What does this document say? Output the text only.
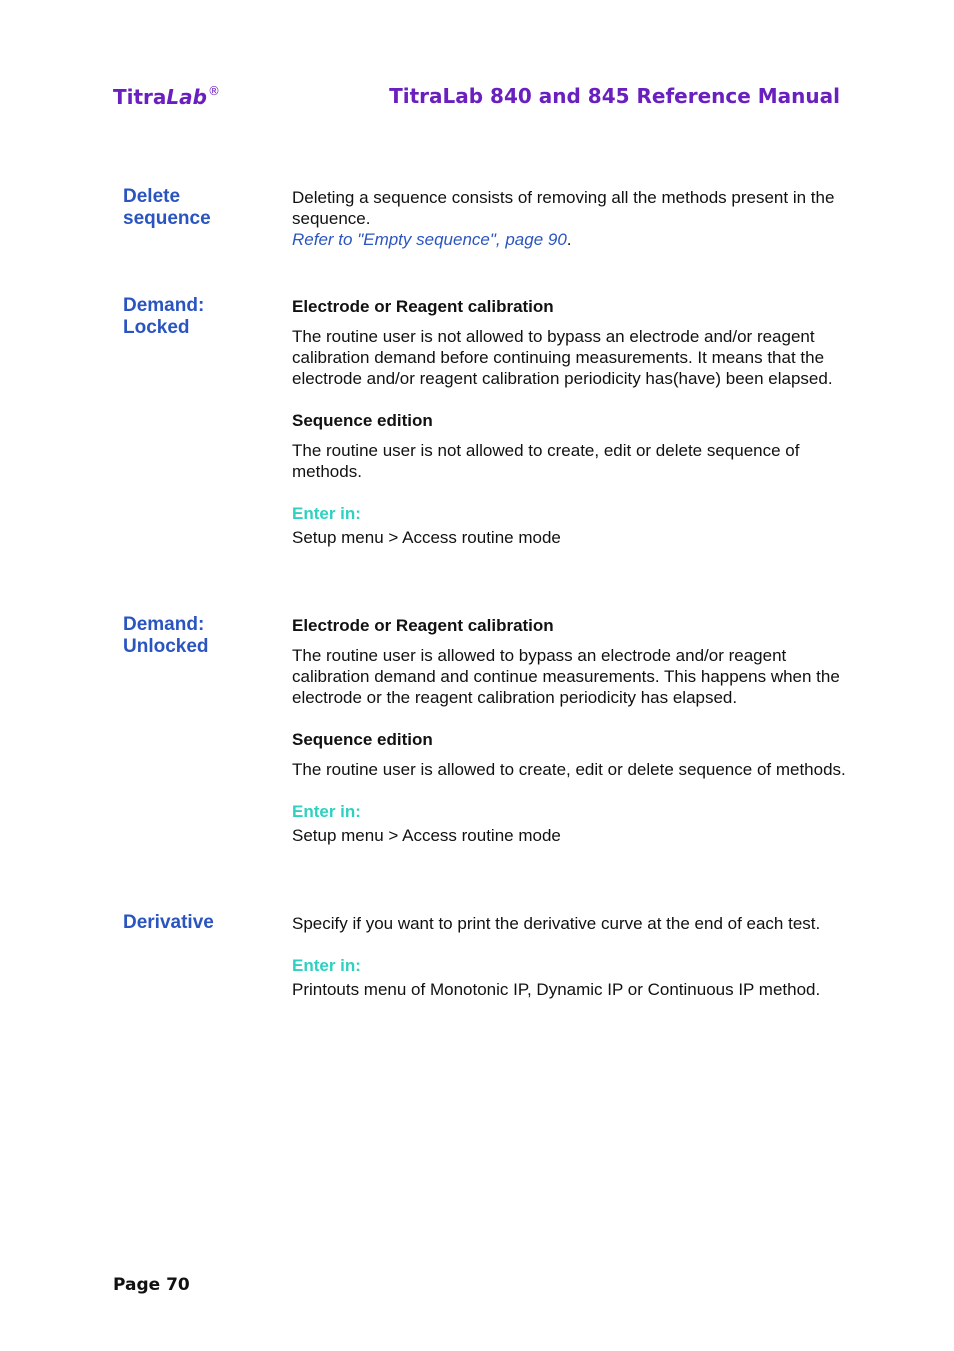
TitraLab®	TitraLab 840 and 845 Reference Manual
Delete
sequence

Deleting a sequence consists of removing all the methods present in the sequence.

Refer to "Empty sequence", page 90.

Demand:
Locked

Electrode or Reagent calibration

The routine user is not allowed to bypass an electrode and/or reagent calibration demand before continuing measurements. It means that the electrode and/or reagent calibration periodicity has(have) been elapsed.

Sequence edition

The routine user is not allowed to create, edit or delete sequence of methods.

Enter in:

Setup menu > Access routine mode

Demand:
Unlocked

Electrode or Reagent calibration

The routine user is allowed to bypass an electrode and/or reagent calibration demand and continue measurements. This happens when the electrode or the reagent calibration periodicity has elapsed.

Sequence edition

The routine user is allowed to create, edit or delete sequence of methods.

Enter in:

Setup menu > Access routine mode

Derivative	Specify if you want to print the derivative curve at the end of each test.

Enter in:

Printouts menu of Monotonic IP, Dynamic IP or Continuous IP method.

Page 70
